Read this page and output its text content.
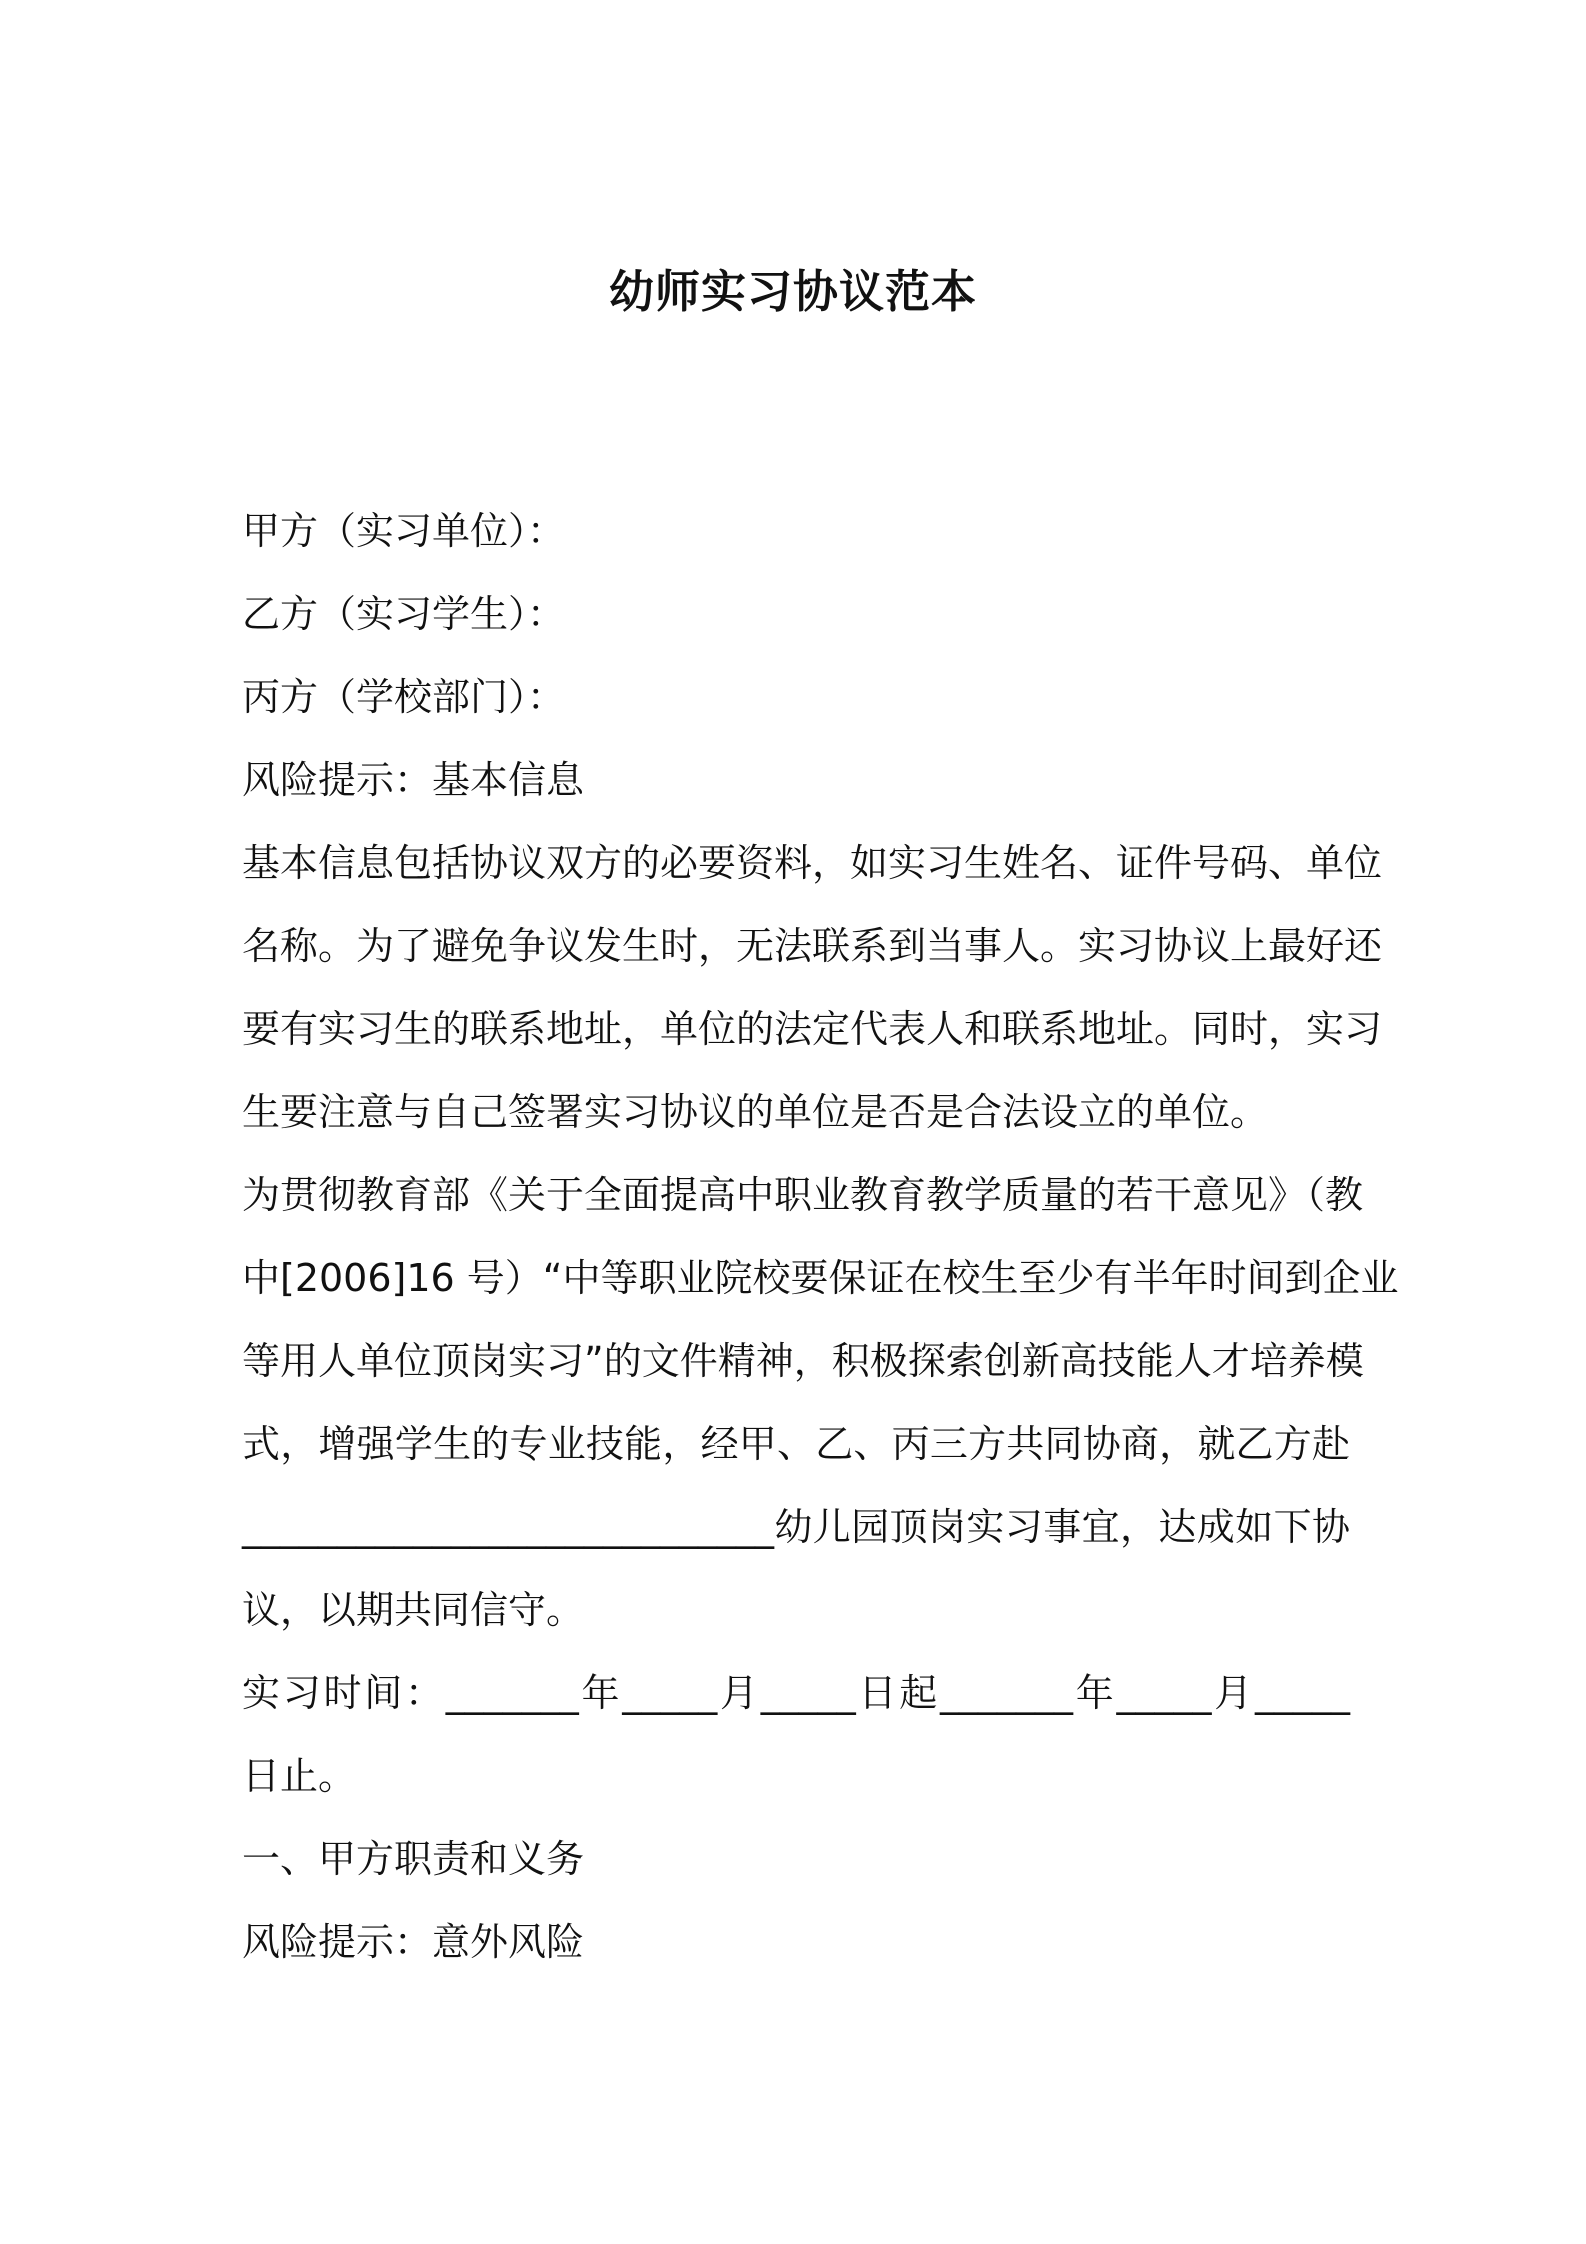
幼师实习协议范本
甲方（实习单位）：
乙方（实习学生）：
丙方（学校部门）：
风险提示：基本信息
基本信息包括协议双方的必要资料，如实习生姓名、证件号码、单位
名称。为了避免争议发生时，无法联系到当事人。实习协议上最好还
要有实习生的联系地址，单位的法定代表人和联系地址。同时，实习
生要注意与自己签署实习协议的单位是否是合法设立的单位。
为贯彻教育部《关于全面提高中职业教育教学质量的若干意见》（教
中[2006]16 号）“中等职业院校要保证在校生至少有半年时间到企业
等用人单位顶岗实习”的文件精神，积极探索创新高技能人才培养模
式，增强学生的专业技能，经甲、乙、丙三方共同协商，就乙方赴
____________________________幼儿园顶岗实习事宜，达成如下协
议，以期共同信守。
实习时间：_______年_____月_____日起_______年_____月_____
日止。
一、甲方职责和义务
风险提示：意外风险
